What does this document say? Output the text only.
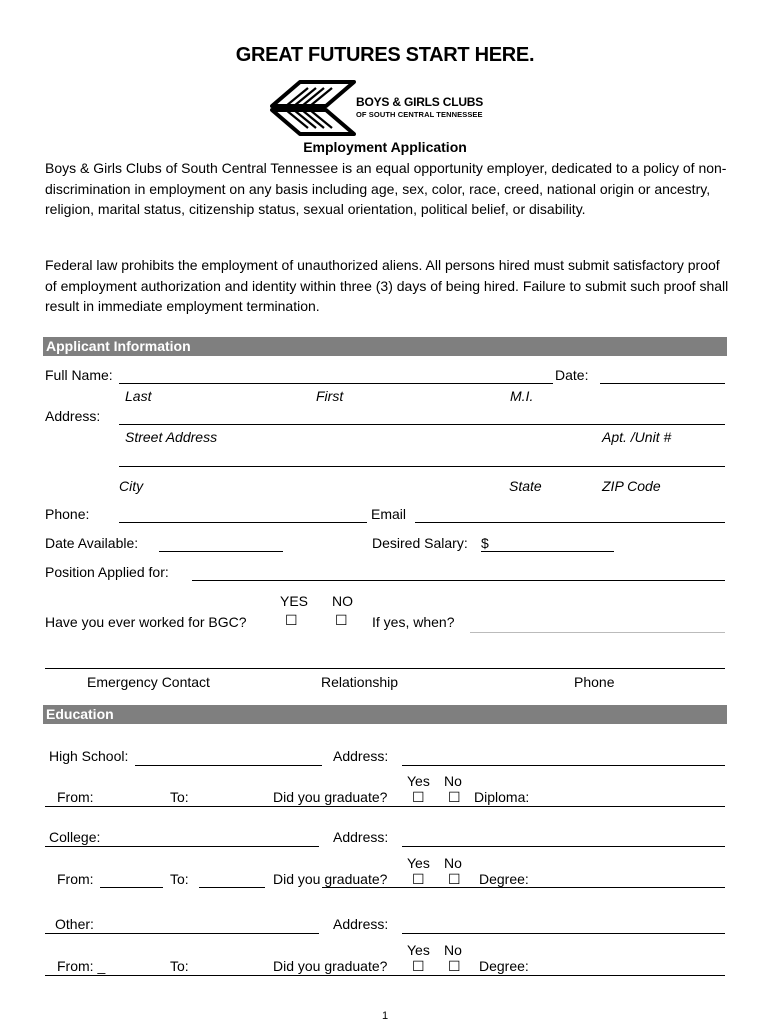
GREAT FUTURES START HERE.
BOYS & GIRLS CLUBS
OF SOUTH CENTRAL TENNESSEE
Employment Application
Boys & Girls Clubs of South Central Tennessee is an equal opportunity employer, dedicated to a policy of non-discrimination in employment on any basis including age, sex, color, race, creed, national origin or ancestry, religion, marital status, citizenship status, sexual orientation, political belief, or disability.
Federal law prohibits the employment of unauthorized aliens. All persons hired must submit satisfactory proof of employment authorization and identity within three (3) days of being hired. Failure to submit such proof shall result in immediate employment termination.
Applicant Information
Full Name:	Date:
Last	First	M.I.
Address:
Street Address	Apt. /Unit #
City	State	ZIP Code
Phone:	Email
Date Available:	Desired Salary: $
Position Applied for:
YES NO
Have you ever worked for BGC?	☐	☐ If yes, when?
Emergency Contact	Relationship	Phone
Education
High School:	Address:
Yes No
From:	To:	Did you graduate? ☐ ☐ Diploma:
College:	Address:
Yes No
From:	To:	Did you graduate? ☐ ☐ Degree:
Other:	Address:
Yes No
From: _	To:	Did you graduate? ☐ ☐ Degree:
1
